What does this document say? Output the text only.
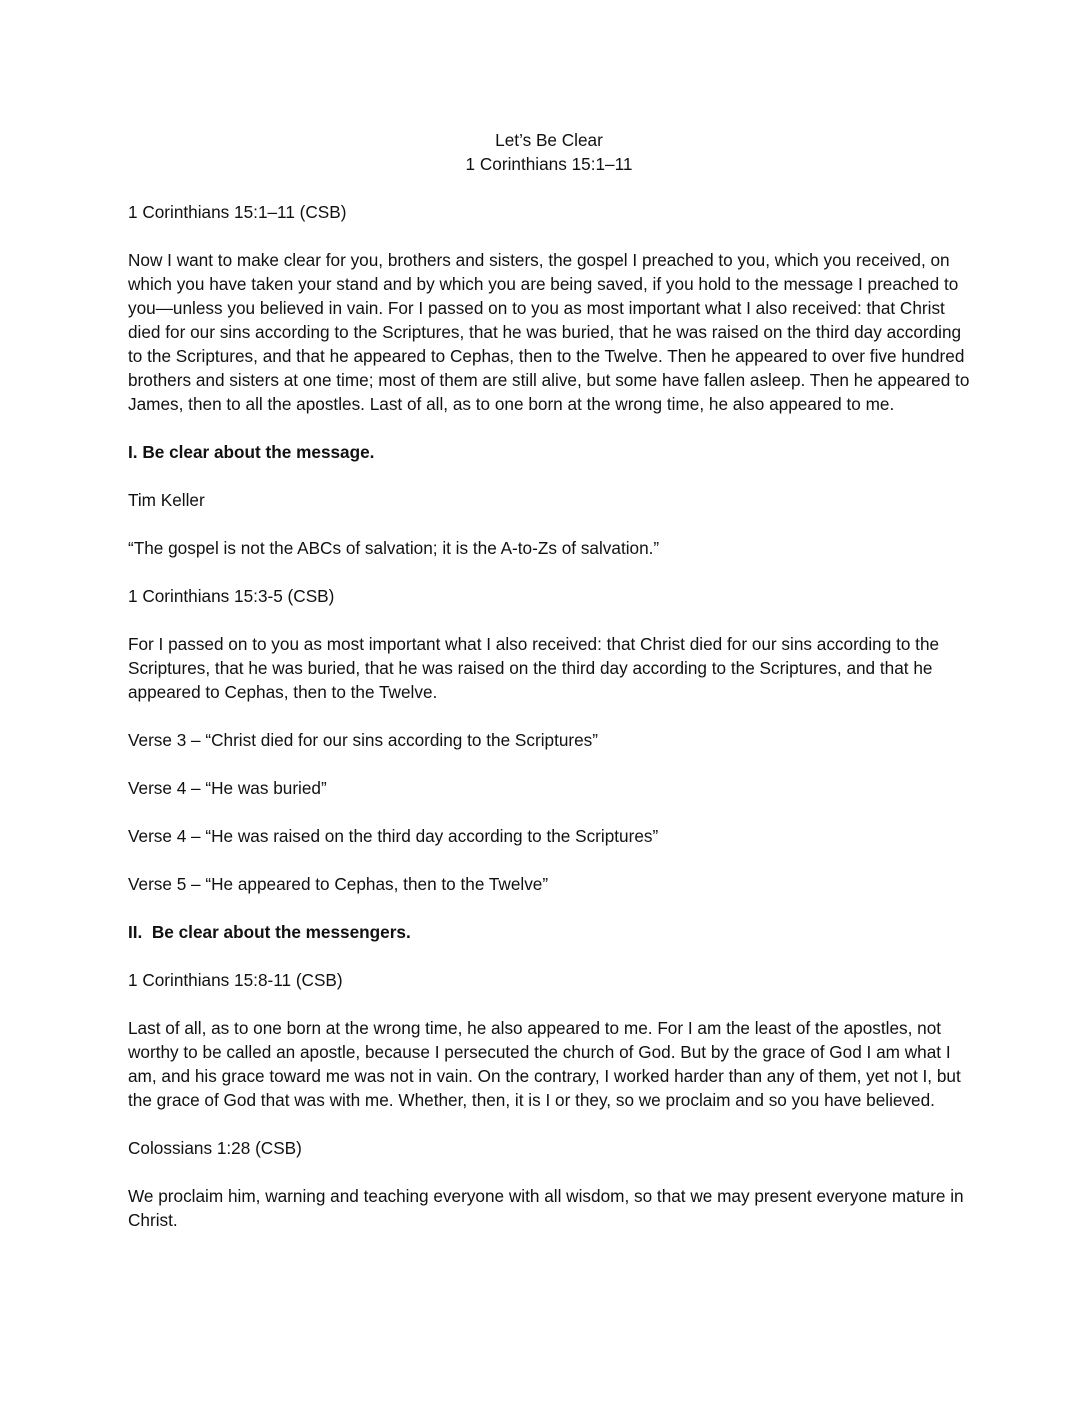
Let’s Be Clear
1 Corinthians 15:1–11

1 Corinthians 15:1–11 (CSB)

Now I want to make clear for you, brothers and sisters, the gospel I preached to you, which you received, on which you have taken your stand and by which you are being saved, if you hold to the message I preached to you—unless you believed in vain. For I passed on to you as most important what I also received: that Christ died for our sins according to the Scriptures, that he was buried, that he was raised on the third day according to the Scriptures, and that he appeared to Cephas, then to the Twelve. Then he appeared to over five hundred brothers and sisters at one time; most of them are still alive, but some have fallen asleep. Then he appeared to James, then to all the apostles. Last of all, as to one born at the wrong time, he also appeared to me.

I. Be clear about the message.

Tim Keller

“The gospel is not the ABCs of salvation; it is the A-to-Zs of salvation.”

1 Corinthians 15:3-5 (CSB)

For I passed on to you as most important what I also received: that Christ died for our sins according to the Scriptures, that he was buried, that he was raised on the third day according to the Scriptures, and that he appeared to Cephas, then to the Twelve.

Verse 3 – “Christ died for our sins according to the Scriptures”

Verse 4 – “He was buried”

Verse 4 – “He was raised on the third day according to the Scriptures”

Verse 5 – “He appeared to Cephas, then to the Twelve”

II.  Be clear about the messengers.

1 Corinthians 15:8-11 (CSB)

Last of all, as to one born at the wrong time, he also appeared to me. For I am the least of the apostles, not worthy to be called an apostle, because I persecuted the church of God. But by the grace of God I am what I am, and his grace toward me was not in vain. On the contrary, I worked harder than any of them, yet not I, but the grace of God that was with me. Whether, then, it is I or they, so we proclaim and so you have believed.

Colossians 1:28 (CSB)

We proclaim him, warning and teaching everyone with all wisdom, so that we may present everyone mature in Christ.
